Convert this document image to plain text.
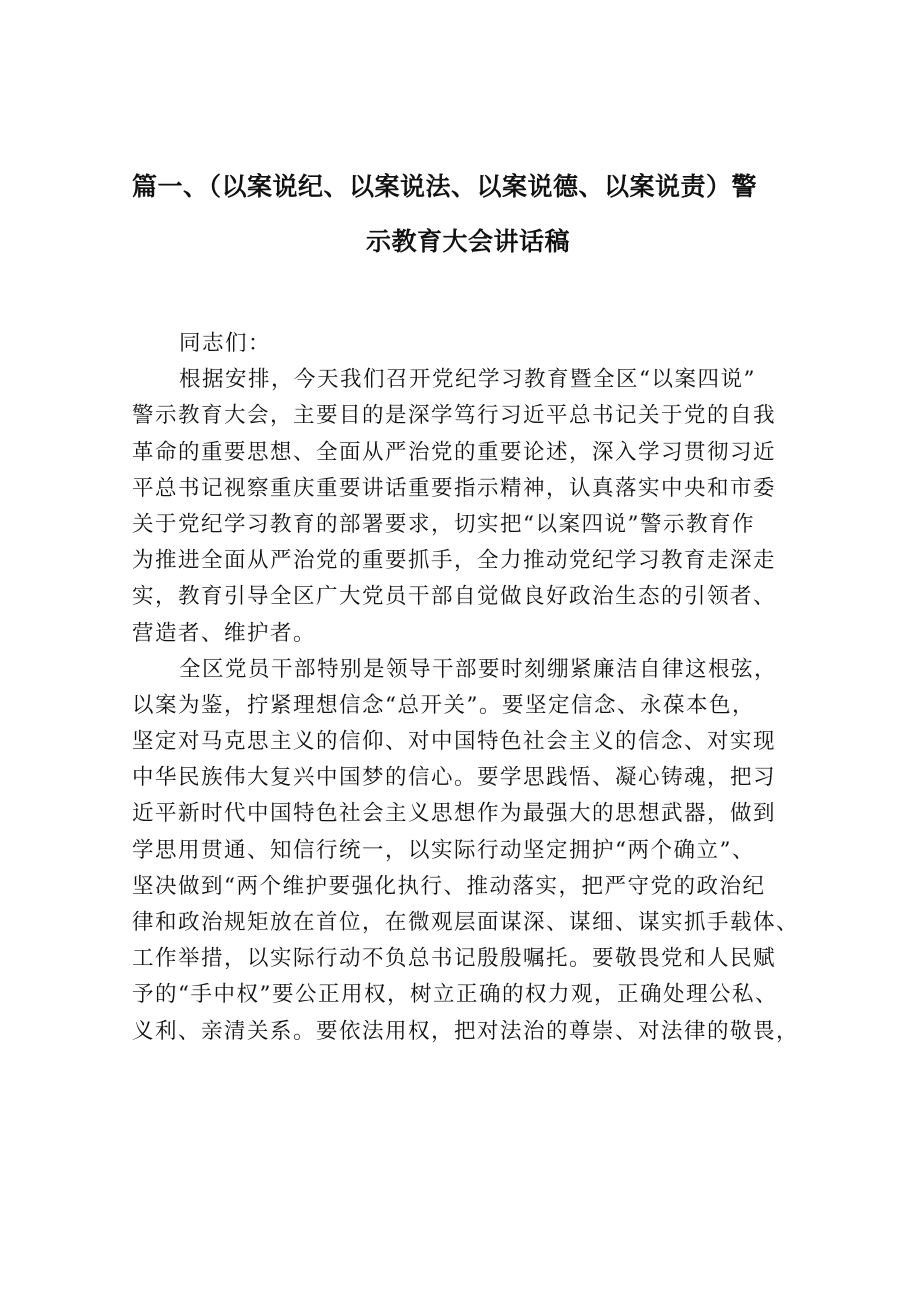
篇一、（以案说纪、以案说法、以案说德、以案说责）警
示教育大会讲话稿
同志们：
根据安排，今天我们召开党纪学习教育暨全区“以案四说”
警示教育大会，主要目的是深学笃行习近平总书记关于党的自我
革命的重要思想、全面从严治党的重要论述，深入学习贯彻习近
平总书记视察重庆重要讲话重要指示精神，认真落实中央和市委
关于党纪学习教育的部署要求，切实把“以案四说”警示教育作
为推进全面从严治党的重要抓手，全力推动党纪学习教育走深走
实，教育引导全区广大党员干部自觉做良好政治生态的引领者、
营造者、维护者。
全区党员干部特别是领导干部要时刻绷紧廉洁自律这根弦，
以案为鉴，拧紧理想信念“总开关”。要坚定信念、永葆本色，
坚定对马克思主义的信仰、对中国特色社会主义的信念、对实现
中华民族伟大复兴中国梦的信心。要学思践悟、凝心铸魂，把习
近平新时代中国特色社会主义思想作为最强大的思想武器，做到
学思用贯通、知信行统一，以实际行动坚定拥护“两个确立”、
坚决做到“两个维护要强化执行、推动落实，把严守党的政治纪
律和政治规矩放在首位，在微观层面谋深、谋细、谋实抓手载体、
工作举措，以实际行动不负总书记殷殷嘱托。要敬畏党和人民赋
予的“手中权”要公正用权，树立正确的权力观，正确处理公私、
义利、亲清关系。要依法用权，把对法治的尊崇、对法律的敬畏，
